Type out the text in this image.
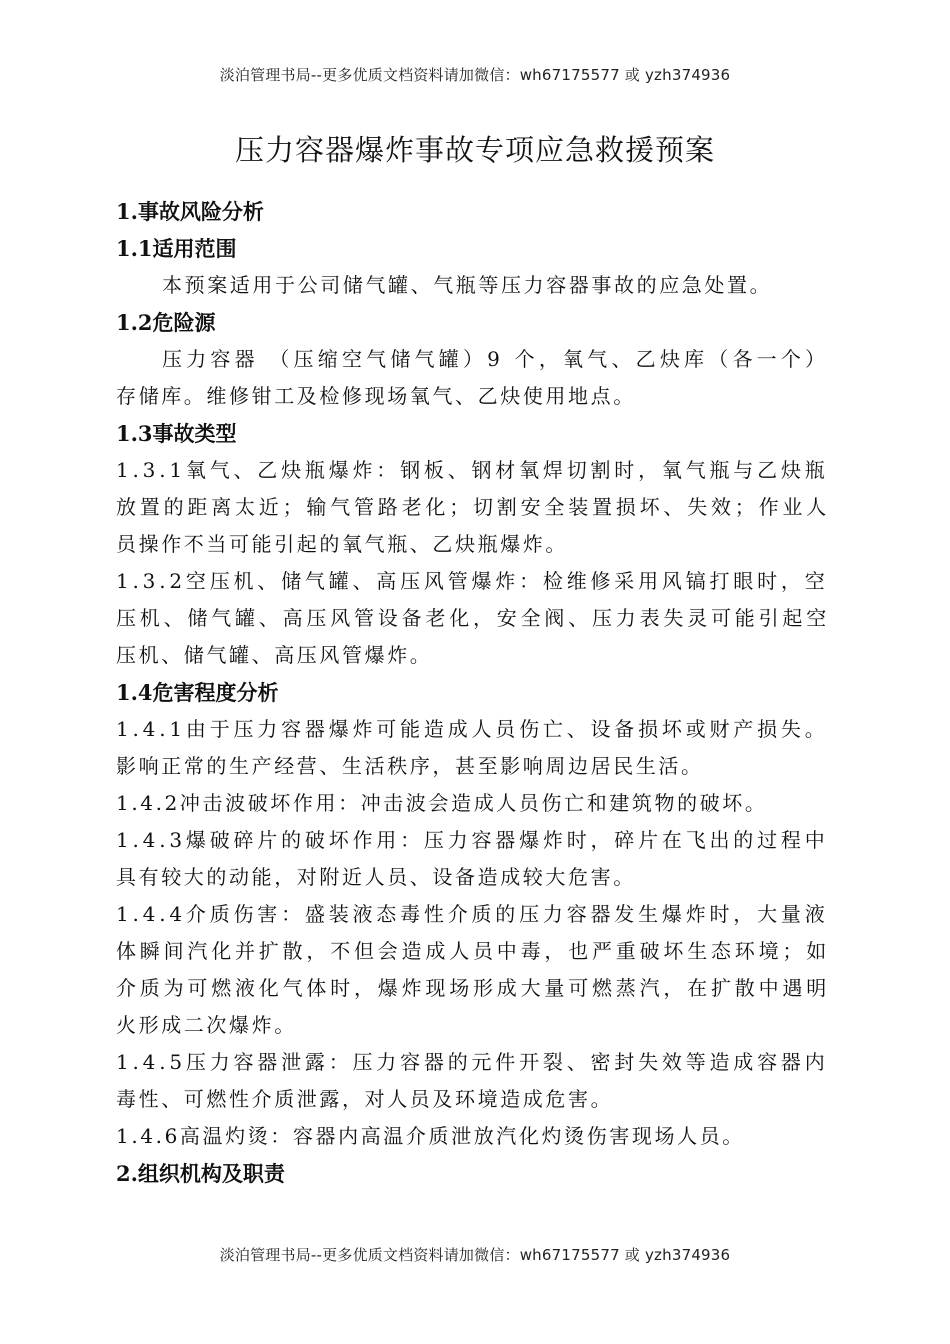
淡泊管理书局--更多优质文档资料请加微信：wh67175577 或 yzh374936
压力容器爆炸事故专项应急救援预案
1.事故风险分析
1.1适用范围
本预案适用于公司储气罐、气瓶等压力容器事故的应急处置。
1.2危险源
压力容器 （压缩空气储气罐）9 个，氧气、乙炔库（各一个）
存储库。维修钳工及检修现场氧气、乙炔使用地点。
1.3事故类型
1.3.1氧气、乙炔瓶爆炸：钢板、钢材氧焊切割时，氧气瓶与乙炔瓶
放置的距离太近；输气管路老化；切割安全装置损坏、失效；作业人
员操作不当可能引起的氧气瓶、乙炔瓶爆炸。
1.3.2空压机、储气罐、高压风管爆炸：检维修采用风镐打眼时，空
压机、储气罐、高压风管设备老化，安全阀、压力表失灵可能引起空
压机、储气罐、高压风管爆炸。
1.4危害程度分析
1.4.1由于压力容器爆炸可能造成人员伤亡、设备损坏或财产损失。
影响正常的生产经营、生活秩序，甚至影响周边居民生活。
1.4.2冲击波破坏作用：冲击波会造成人员伤亡和建筑物的破坏。
1.4.3爆破碎片的破坏作用：压力容器爆炸时，碎片在飞出的过程中
具有较大的动能，对附近人员、设备造成较大危害。
1.4.4介质伤害：盛装液态毒性介质的压力容器发生爆炸时，大量液
体瞬间汽化并扩散，不但会造成人员中毒，也严重破坏生态环境；如
介质为可燃液化气体时，爆炸现场形成大量可燃蒸汽，在扩散中遇明
火形成二次爆炸。
1.4.5压力容器泄露：压力容器的元件开裂、密封失效等造成容器内
毒性、可燃性介质泄露，对人员及环境造成危害。
1.4.6高温灼烫：容器内高温介质泄放汽化灼烫伤害现场人员。
2.组织机构及职责
淡泊管理书局--更多优质文档资料请加微信：wh67175577 或 yzh374936
